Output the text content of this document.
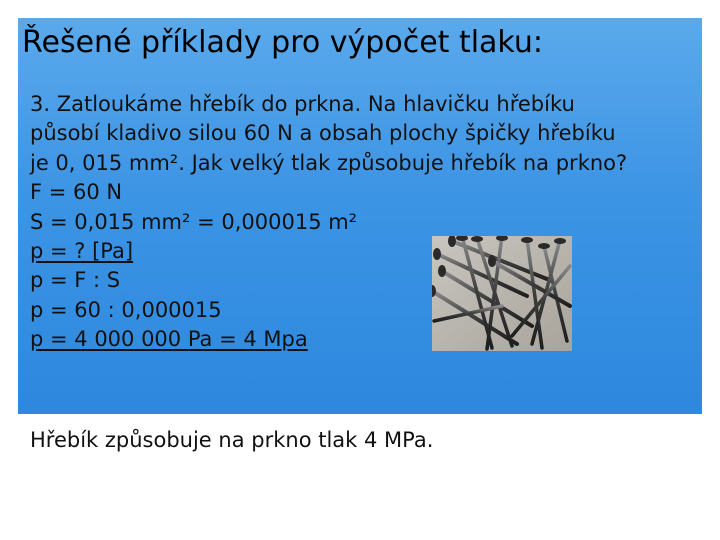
Řešené příklady pro výpočet tlaku:
3. Zatloukáme hřebík do prkna. Na hlavičku hřebíku
působí kladivo silou 60 N a obsah plochy špičky hřebíku
je 0, 015 mm². Jak velký tlak způsobuje hřebík na prkno?
F = 60 N
S = 0,015 mm² = 0,000015 m²
p = ? [Pa]
p = F : S
p = 60 : 0,000015
p = 4 000 000 Pa = 4 Mpa
Hřebík způsobuje na prkno tlak 4 MPa.
